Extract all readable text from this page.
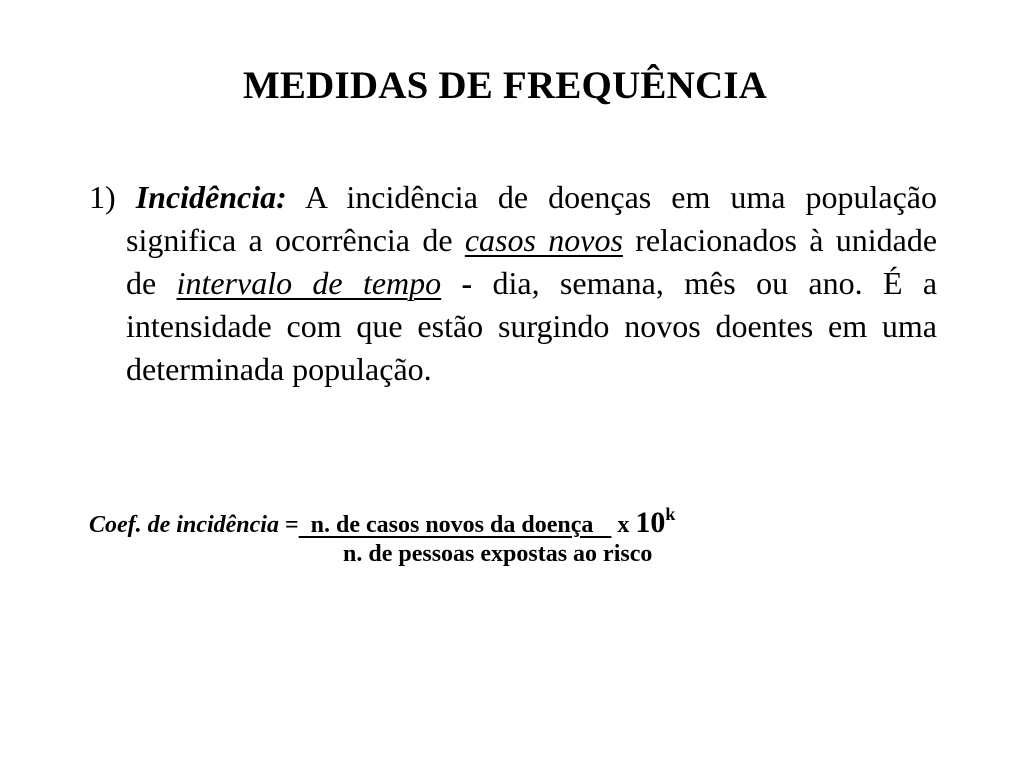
MEDIDAS DE FREQUÊNCIA
1) Incidência: A incidência de doenças em uma população significa a ocorrência de casos novos relacionados à unidade de intervalo de tempo - dia, semana, mês ou ano. É a intensidade com que estão surgindo novos doentes em uma determinada população.
Coef. de incidência =  n. de casos novos da doença    x 10$^k$
n. de pessoas expostas ao risco
